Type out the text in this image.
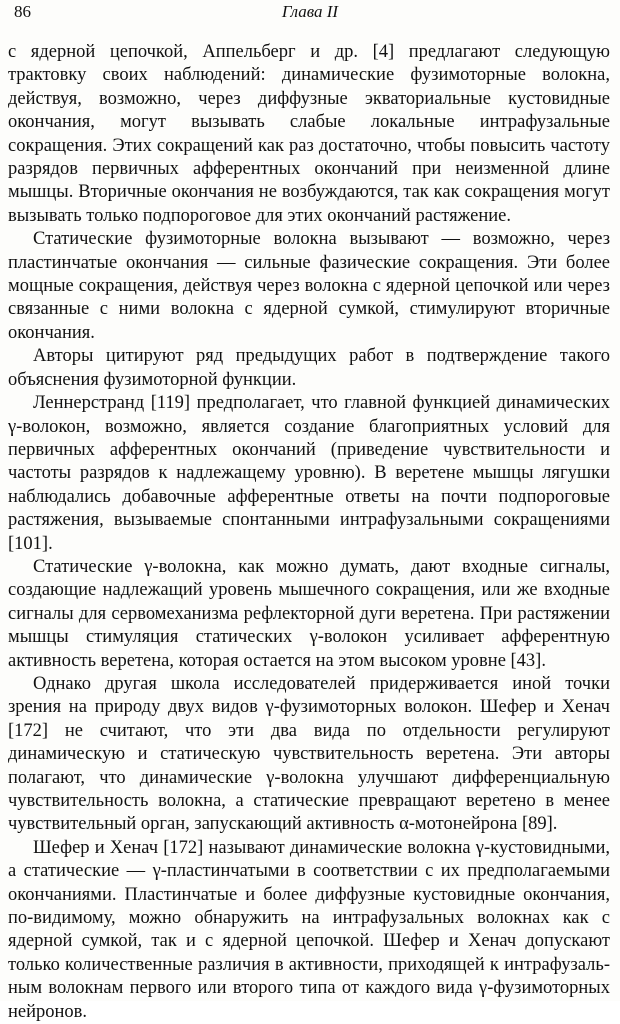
86	Глава II

с ядерной цепочкой, Аппельберг и др. [4] предлагают следующую трактовку своих наблюдений: динамические фузимоторные волокна, действуя, возможно, через диффузные экваториальные кустовидные окончания, могут вызывать слабые локальные интрафузальные сокращения. Этих сокращений как раз достаточно, чтобы повысить частоту разрядов первичных афферентных окончаний при неизменной длине мышцы. Вторичные окончания не возбуждаются, так как сокращения могут вызывать только подпороговое для этих окончаний растяжение.

Статические фузимоторные волокна вызывают — возможно, через пластинчатые окончания — сильные фазические сокращения. Эти более мощные сокращения, действуя через волокна с ядерной цепочкой или через связанные с ними волокна с ядерной сумкой, стимулируют вторичные окончания.

Авторы цитируют ряд предыдущих работ в подтверждение такого объяснения фузимоторной функции.

Леннерстранд [119] предполагает, что главной функцией динамических γ-волокон, возможно, является создание благоприятных условий для первичных афферентных окончаний (приведение чувствительности и частоты разрядов к надлежащему уровню). В веретене мышцы лягушки наблюдались добавочные афферентные ответы на почти подпороговые растяжения, вызываемые спонтанными интрафузальными сокращениями [101].

Статические γ-волокна, как можно думать, дают входные сигналы, создающие надлежащий уровень мышечного сокращения, или же входные сигналы для сервомеханизма рефлекторной дуги веретена. При растяжении мышцы стимуляция статических γ-волокон усиливает афферентную активность веретена, которая остается на этом высоком уровне [43].

Однако другая школа исследователей придерживается иной точки зрения на природу двух видов γ-фузимоторных волокон. Шефер и Хенач [172] не считают, что эти два вида по отдельности регулируют динамическую и статическую чувствительность веретена. Эти авторы полагают, что динамические γ-волокна улучшают дифференциальную чувствительность волокна, а статические превращают веретено в менее чувствительный орган, запускающий активность α-мотонейрона [89].

Шефер и Хенач [172] называют динамические волокна γ-кустовидными, а статические — γ-пластинчатыми в соответствии с их предполагаемыми окончаниями. Пластинчатые и более диффузные кустовидные окончания, по-видимому, можно обнаружить на интрафузальных волокнах как с ядерной сумкой, так и с ядерной цепочкой. Шефер и Хенач допускают только количественные различия в активности, приходящей к интрафузальным волокнам первого или второго типа от каждого вида γ-фузимоторных нейронов.
